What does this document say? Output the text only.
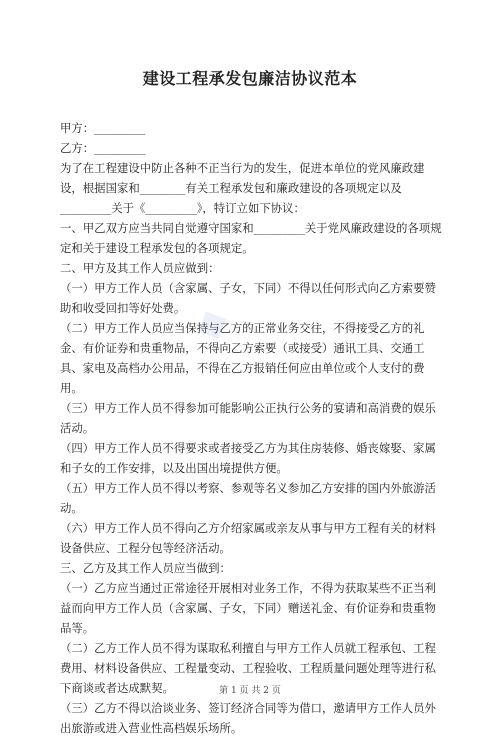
建设工程承发包廉洁协议范本

甲方：_________

乙方：_________

为了在工程建设中防止各种不正当行为的发生，促进本单位的党风廉政建设，根据国家和________有关工程承发包和廉政建设的各项规定以及_________关于《_________》，特订立如下协议：

一、甲乙双方应当共同自觉遵守国家和_________关于党风廉政建设的各项规定和关于建设工程承发包的各项规定。

二、甲方及其工作人员应做到：

（一）甲方工作人员（含家属、子女，下同）不得以任何形式向乙方索要赞助和收受回扣等好处费。

（二）甲方工作人员应当保持与乙方的正常业务交往，不得接受乙方的礼金、有价证券和贵重物品，不得向乙方索要（或接受）通讯工具、交通工具、家电及高档办公用品，不得在乙方报销任何应由单位或个人支付的费用。

（三）甲方工作人员不得参加可能影响公正执行公务的宴请和高消费的娱乐活动。

（四）甲方工作人员不得要求或者接受乙方为其住房装修、婚丧嫁娶、家属和子女的工作安排，以及出国出境提供方便。

（五）甲方工作人员不得以考察、参观等名义参加乙方安排的国内外旅游活动。

（六）甲方工作人员不得向乙方介绍家属或亲友从事与甲方工程有关的材料设备供应、工程分包等经济活动。

三、乙方及其工作人员应当做到：

（一）乙方应当通过正常途径开展相对业务工作，不得为获取某些不正当利益而向甲方工作人员（含家属、子女，下同）赠送礼金、有价证券和贵重物品等。

（二）乙方工作人员不得为谋取私利擅自与甲方工作人员就工程承包、工程费用、材料设备供应、工程量变动、工程验收、工程质量问题处理等进行私下商谈或者达成默契。

（三）乙方不得以洽谈业务、签订经济合同等为借口，邀请甲方工作人员外出旅游或进入营业性高档娱乐场所。

◆
第 1 页 共 2 页
